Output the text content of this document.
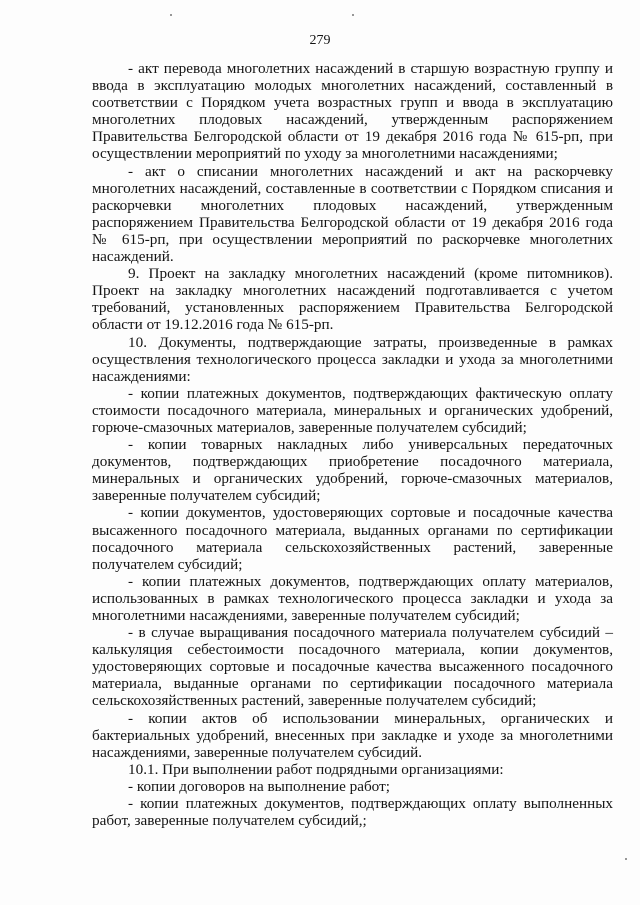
279

- акт перевода многолетних насаждений в старшую возрастную группу и ввода в эксплуатацию молодых многолетних насаждений, составленный в соответствии с Порядком учета возрастных групп и ввода в эксплуатацию многолетних плодовых насаждений, утвержденным распоряжением Правительства Белгородской области от 19 декабря 2016 года № 615-рп, при осуществлении мероприятий по уходу за многолетними насаждениями;

- акт о списании многолетних насаждений и акт на раскорчевку многолетних насаждений, составленные в соответствии с Порядком списания и раскорчевки многолетних плодовых насаждений, утвержденным распоряжением Правительства Белгородской области от 19 декабря 2016 года № 615-рп, при осуществлении мероприятий по раскорчевке многолетних насаждений.

9. Проект на закладку многолетних насаждений (кроме питомников). Проект на закладку многолетних насаждений подготавливается с учетом требований, установленных распоряжением Правительства Белгородской области от 19.12.2016 года № 615-рп.

10. Документы, подтверждающие затраты, произведенные в рамках осуществления технологического процесса закладки и ухода за многолетними насаждениями:

- копии платежных документов, подтверждающих фактическую оплату стоимости посадочного материала, минеральных и органических удобрений, горюче-смазочных материалов, заверенные получателем субсидий;

- копии товарных накладных либо универсальных передаточных документов, подтверждающих приобретение посадочного материала, минеральных и органических удобрений, горюче-смазочных материалов, заверенные получателем субсидий;

- копии документов, удостоверяющих сортовые и посадочные качества высаженного посадочного материала, выданных органами по сертификации посадочного материала сельскохозяйственных растений, заверенные получателем субсидий;

- копии платежных документов, подтверждающих оплату материалов, использованных в рамках технологического процесса закладки и ухода за многолетними насаждениями, заверенные получателем субсидий;

- в случае выращивания посадочного материала получателем субсидий – калькуляция себестоимости посадочного материала, копии документов, удостоверяющих сортовые и посадочные качества высаженного посадочного материала, выданные органами по сертификации посадочного материала сельскохозяйственных растений, заверенные получателем субсидий;

- копии актов об использовании минеральных, органических и бактериальных удобрений, внесенных при закладке и уходе за многолетними насаждениями, заверенные получателем субсидий.

10.1. При выполнении работ подрядными организациями:

- копии договоров на выполнение работ;

- копии платежных документов, подтверждающих оплату выполненных работ, заверенные получателем субсидий,;
